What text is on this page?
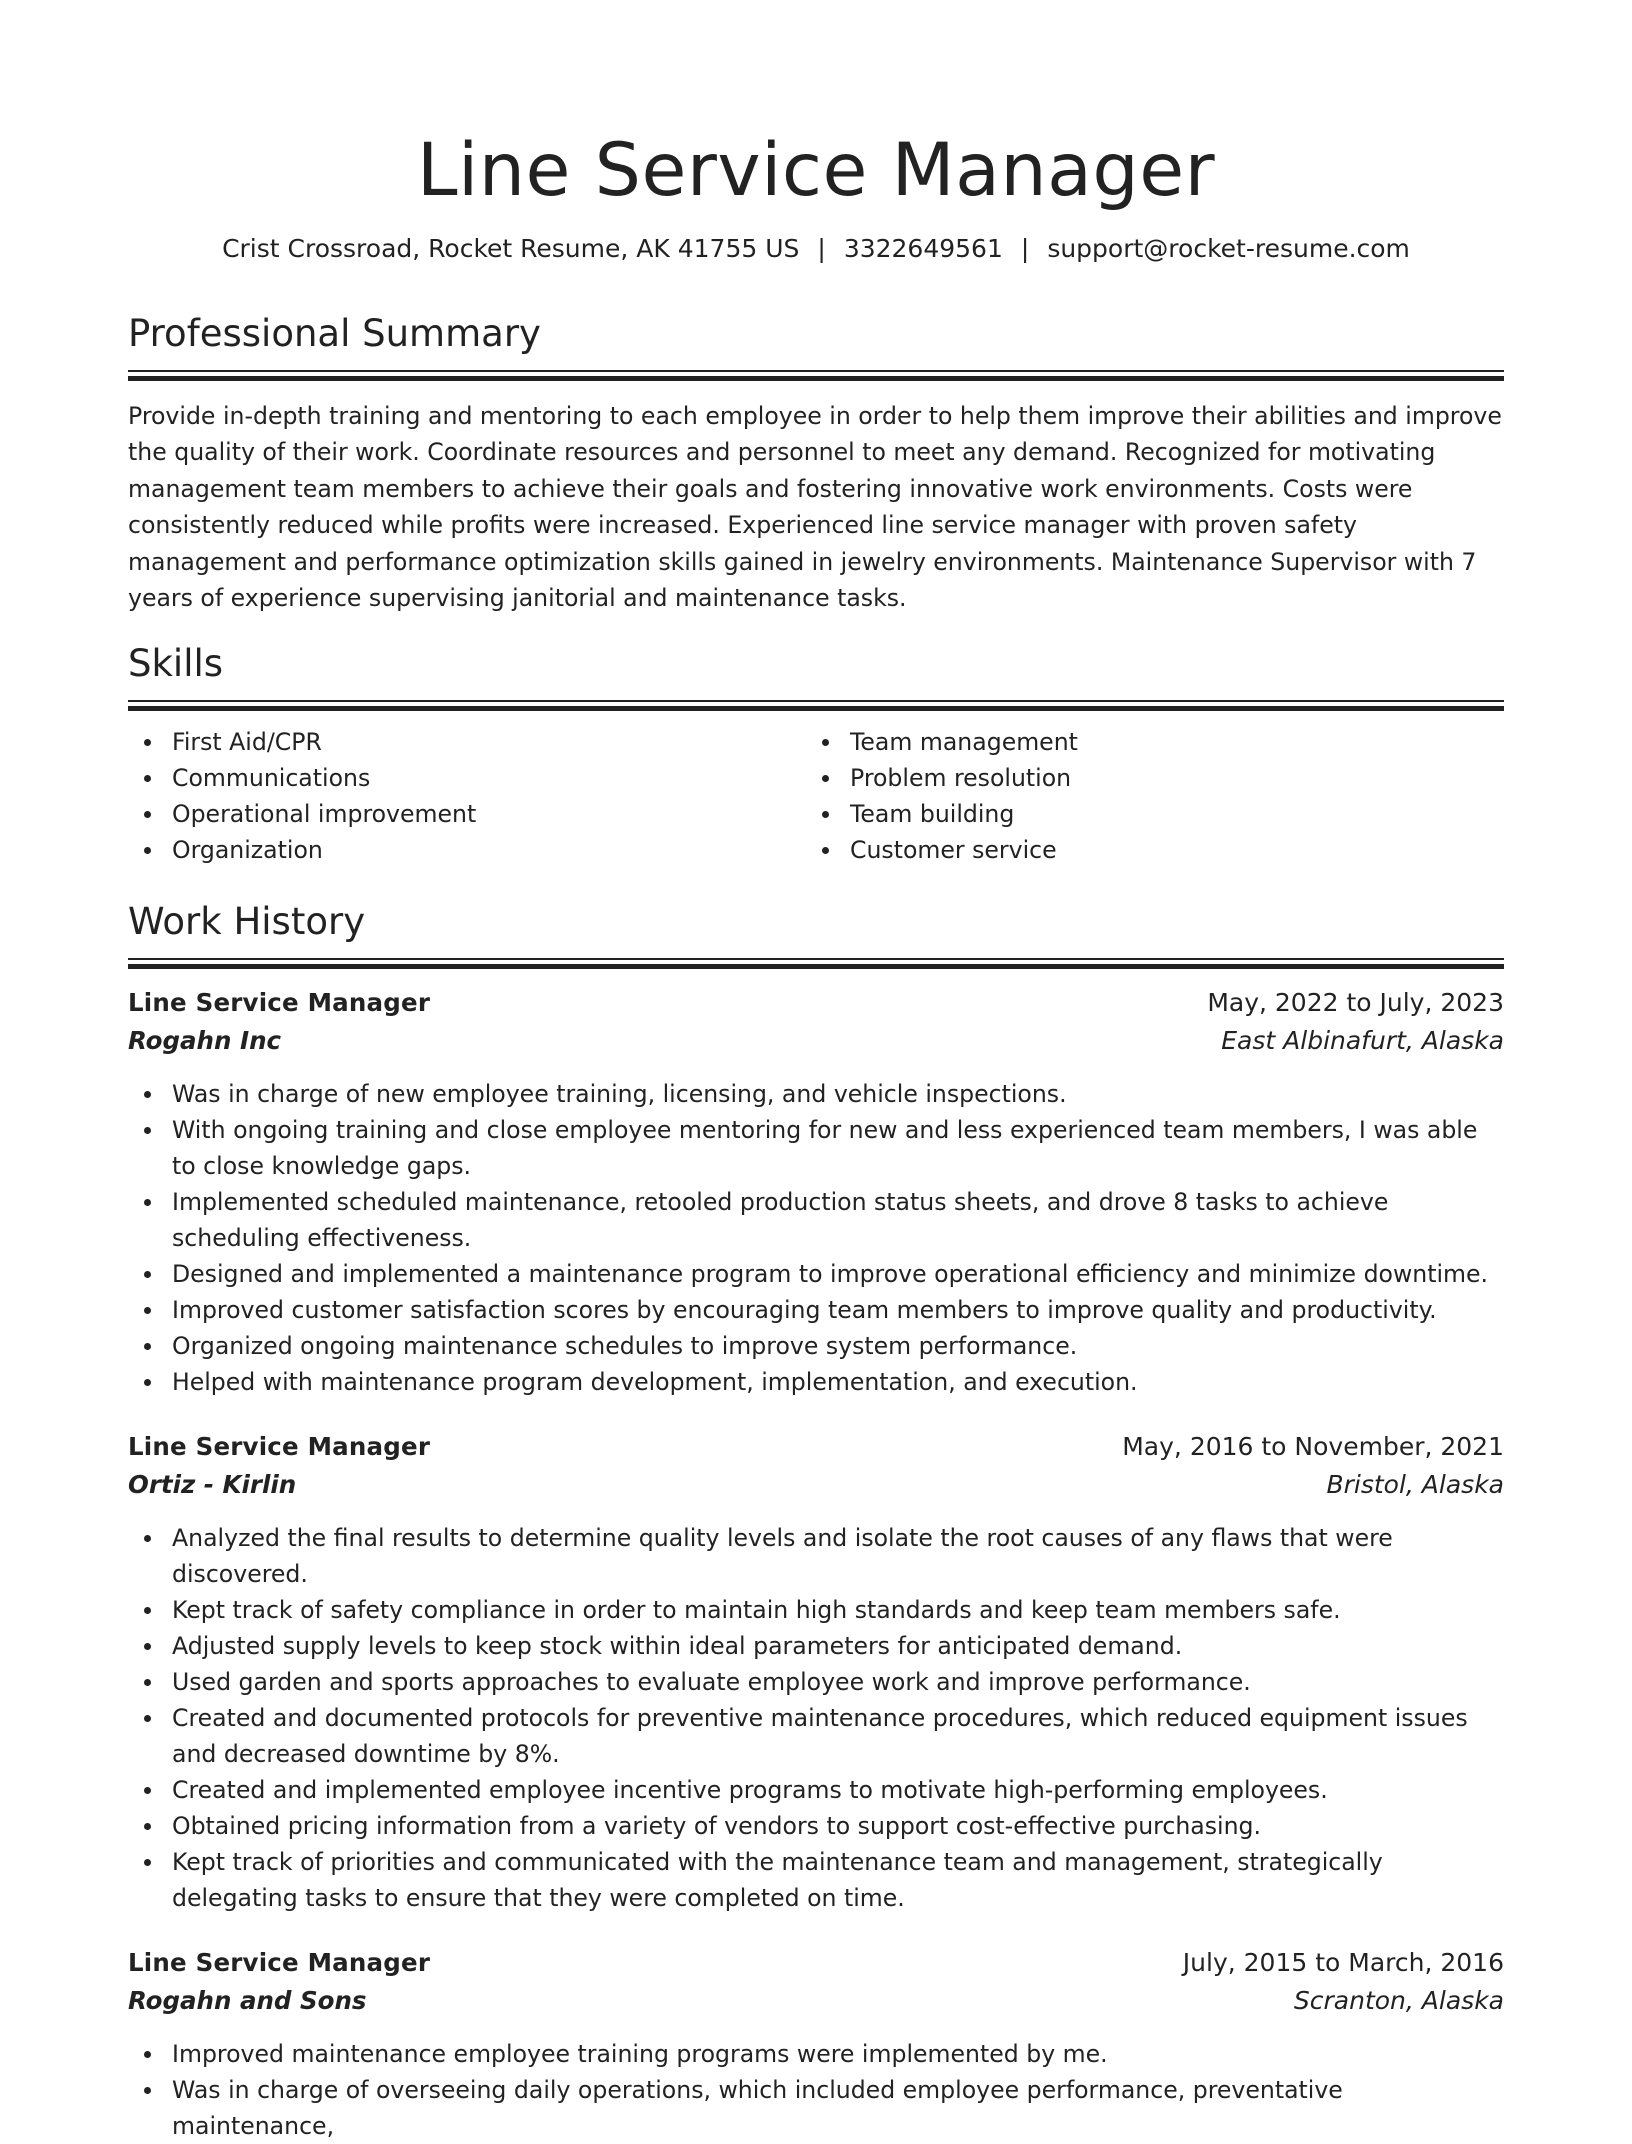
Line Service Manager
Crist Crossroad, Rocket Resume, AK 41755 US | 3322649561 | support@rocket-resume.com
Professional Summary

Provide in-depth training and mentoring to each employee in order to help them improve their abilities and improve the quality of their work. Coordinate resources and personnel to meet any demand. Recognized for motivating management team members to achieve their goals and fostering innovative work environments. Costs were consistently reduced while profits were increased. Experienced line service manager with proven safety management and performance optimization skills gained in jewelry environments. Maintenance Supervisor with 7 years of experience supervising janitorial and maintenance tasks.

Skills
First Aid/CPR
Communications
Operational improvement
Organization
Team management
Problem resolution
Team building
Customer service
Work History
Line Service Manager	May, 2022 to July, 2023
Rogahn Inc	East Albinafurt, Alaska
Was in charge of new employee training, licensing, and vehicle inspections.
With ongoing training and close employee mentoring for new and less experienced team members, I was able to close knowledge gaps.
Implemented scheduled maintenance, retooled production status sheets, and drove 8 tasks to achieve scheduling effectiveness.
Designed and implemented a maintenance program to improve operational efficiency and minimize downtime.
Improved customer satisfaction scores by encouraging team members to improve quality and productivity.
Organized ongoing maintenance schedules to improve system performance.
Helped with maintenance program development, implementation, and execution.
Line Service Manager	May, 2016 to November, 2021
Ortiz - Kirlin	Bristol, Alaska
Analyzed the final results to determine quality levels and isolate the root causes of any flaws that were discovered.
Kept track of safety compliance in order to maintain high standards and keep team members safe.
Adjusted supply levels to keep stock within ideal parameters for anticipated demand.
Used garden and sports approaches to evaluate employee work and improve performance.
Created and documented protocols for preventive maintenance procedures, which reduced equipment issues and decreased downtime by 8%.
Created and implemented employee incentive programs to motivate high-performing employees.
Obtained pricing information from a variety of vendors to support cost-effective purchasing.
Kept track of priorities and communicated with the maintenance team and management, strategically delegating tasks to ensure that they were completed on time.
Line Service Manager	July, 2015 to March, 2016
Rogahn and Sons	Scranton, Alaska
Improved maintenance employee training programs were implemented by me.
Was in charge of overseeing daily operations, which included employee performance, preventative maintenance,
